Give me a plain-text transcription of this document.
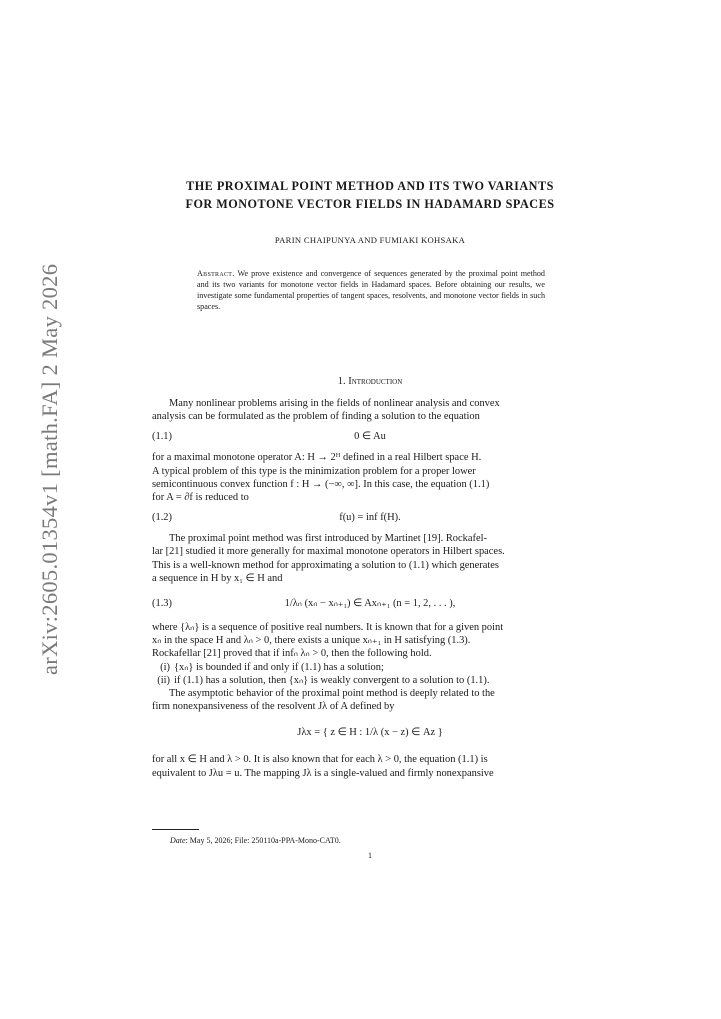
arXiv:2605.01354v1 [math.FA] 2 May 2026
THE PROXIMAL POINT METHOD AND ITS TWO VARIANTS
FOR MONOTONE VECTOR FIELDS IN HADAMARD SPACES
PARIN CHAIPUNYA AND FUMIAKI KOHSAKA
Abstract. We prove existence and convergence of sequences generated by the proximal point method and its two variants for monotone vector fields in Hadamard spaces. Before obtaining our results, we investigate some fundamental properties of tangent spaces, resolvents, and monotone vector fields in such spaces.
1. Introduction
Many nonlinear problems arising in the fields of nonlinear analysis and convex
analysis can be formulated as the problem of finding a solution to the equation
(1.1)	0 ∈ Au
for a maximal monotone operator A: H → 2ᴴ defined in a real Hilbert space H.
A typical problem of this type is the minimization problem for a proper lower
semicontinuous convex function f : H → (−∞, ∞]. In this case, the equation (1.1)
for A = ∂f is reduced to
(1.2)	f(u) = inf f(H).
The proximal point method was first introduced by Martinet [19]. Rockafel-
lar [21] studied it more generally for maximal monotone operators in Hilbert spaces.
This is a well-known method for approximating a solution to (1.1) which generates
a sequence in H by x₁ ∈ H and
(1.3)	1/λₙ (xₙ − xₙ₊₁) ∈ Axₙ₊₁ (n = 1, 2, . . . ),
where {λₙ} is a sequence of positive real numbers. It is known that for a given point
xₙ in the space H and λₙ > 0, there exists a unique xₙ₊₁ in H satisfying (1.3).
Rockafellar [21] proved that if infₙ λₙ > 0, then the following hold.
(i) {xₙ} is bounded if and only if (1.1) has a solution;
(ii) if (1.1) has a solution, then {xₙ} is weakly convergent to a solution to (1.1).
The asymptotic behavior of the proximal point method is deeply related to the
firm nonexpansiveness of the resolvent Jλ of A defined by
Jλx = { z ∈ H : 1/λ (x − z) ∈ Az }
for all x ∈ H and λ > 0. It is also known that for each λ > 0, the equation (1.1) is
equivalent to Jλu = u. The mapping Jλ is a single-valued and firmly nonexpansive
Date: May 5, 2026; File: 250110a-PPA-Mono-CAT0.
1
